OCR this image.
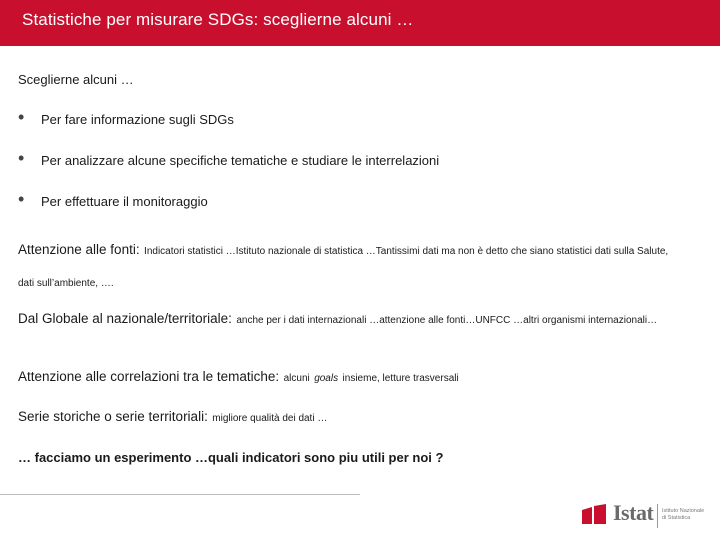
Statistiche per misurare SDGs: sceglierne alcuni …
Sceglierne alcuni …
• Per fare informazione sugli SDGs
• Per analizzare alcune specifiche tematiche e studiare le interrelazioni
• Per effettuare il monitoraggio
Attenzione alle fonti: Indicatori statistici …Istituto nazionale di statistica …Tantissimi dati ma non è detto che siano statistici dati sulla Salute, dati sull’ambiente, ….
Dal Globale al nazionale/territoriale: anche per i dati internazionali …attenzione alle fonti…UNFCC …altri organismi internazionali…
Attenzione alle correlazioni tra le tematiche: alcuni goals insieme, letture trasversali
Serie storiche o serie territoriali: migliore qualità dei dati …
… facciamo un esperimento …quali indicatori sono piu utili per noi ?
Istat Istituto Nazionale di Statistica
